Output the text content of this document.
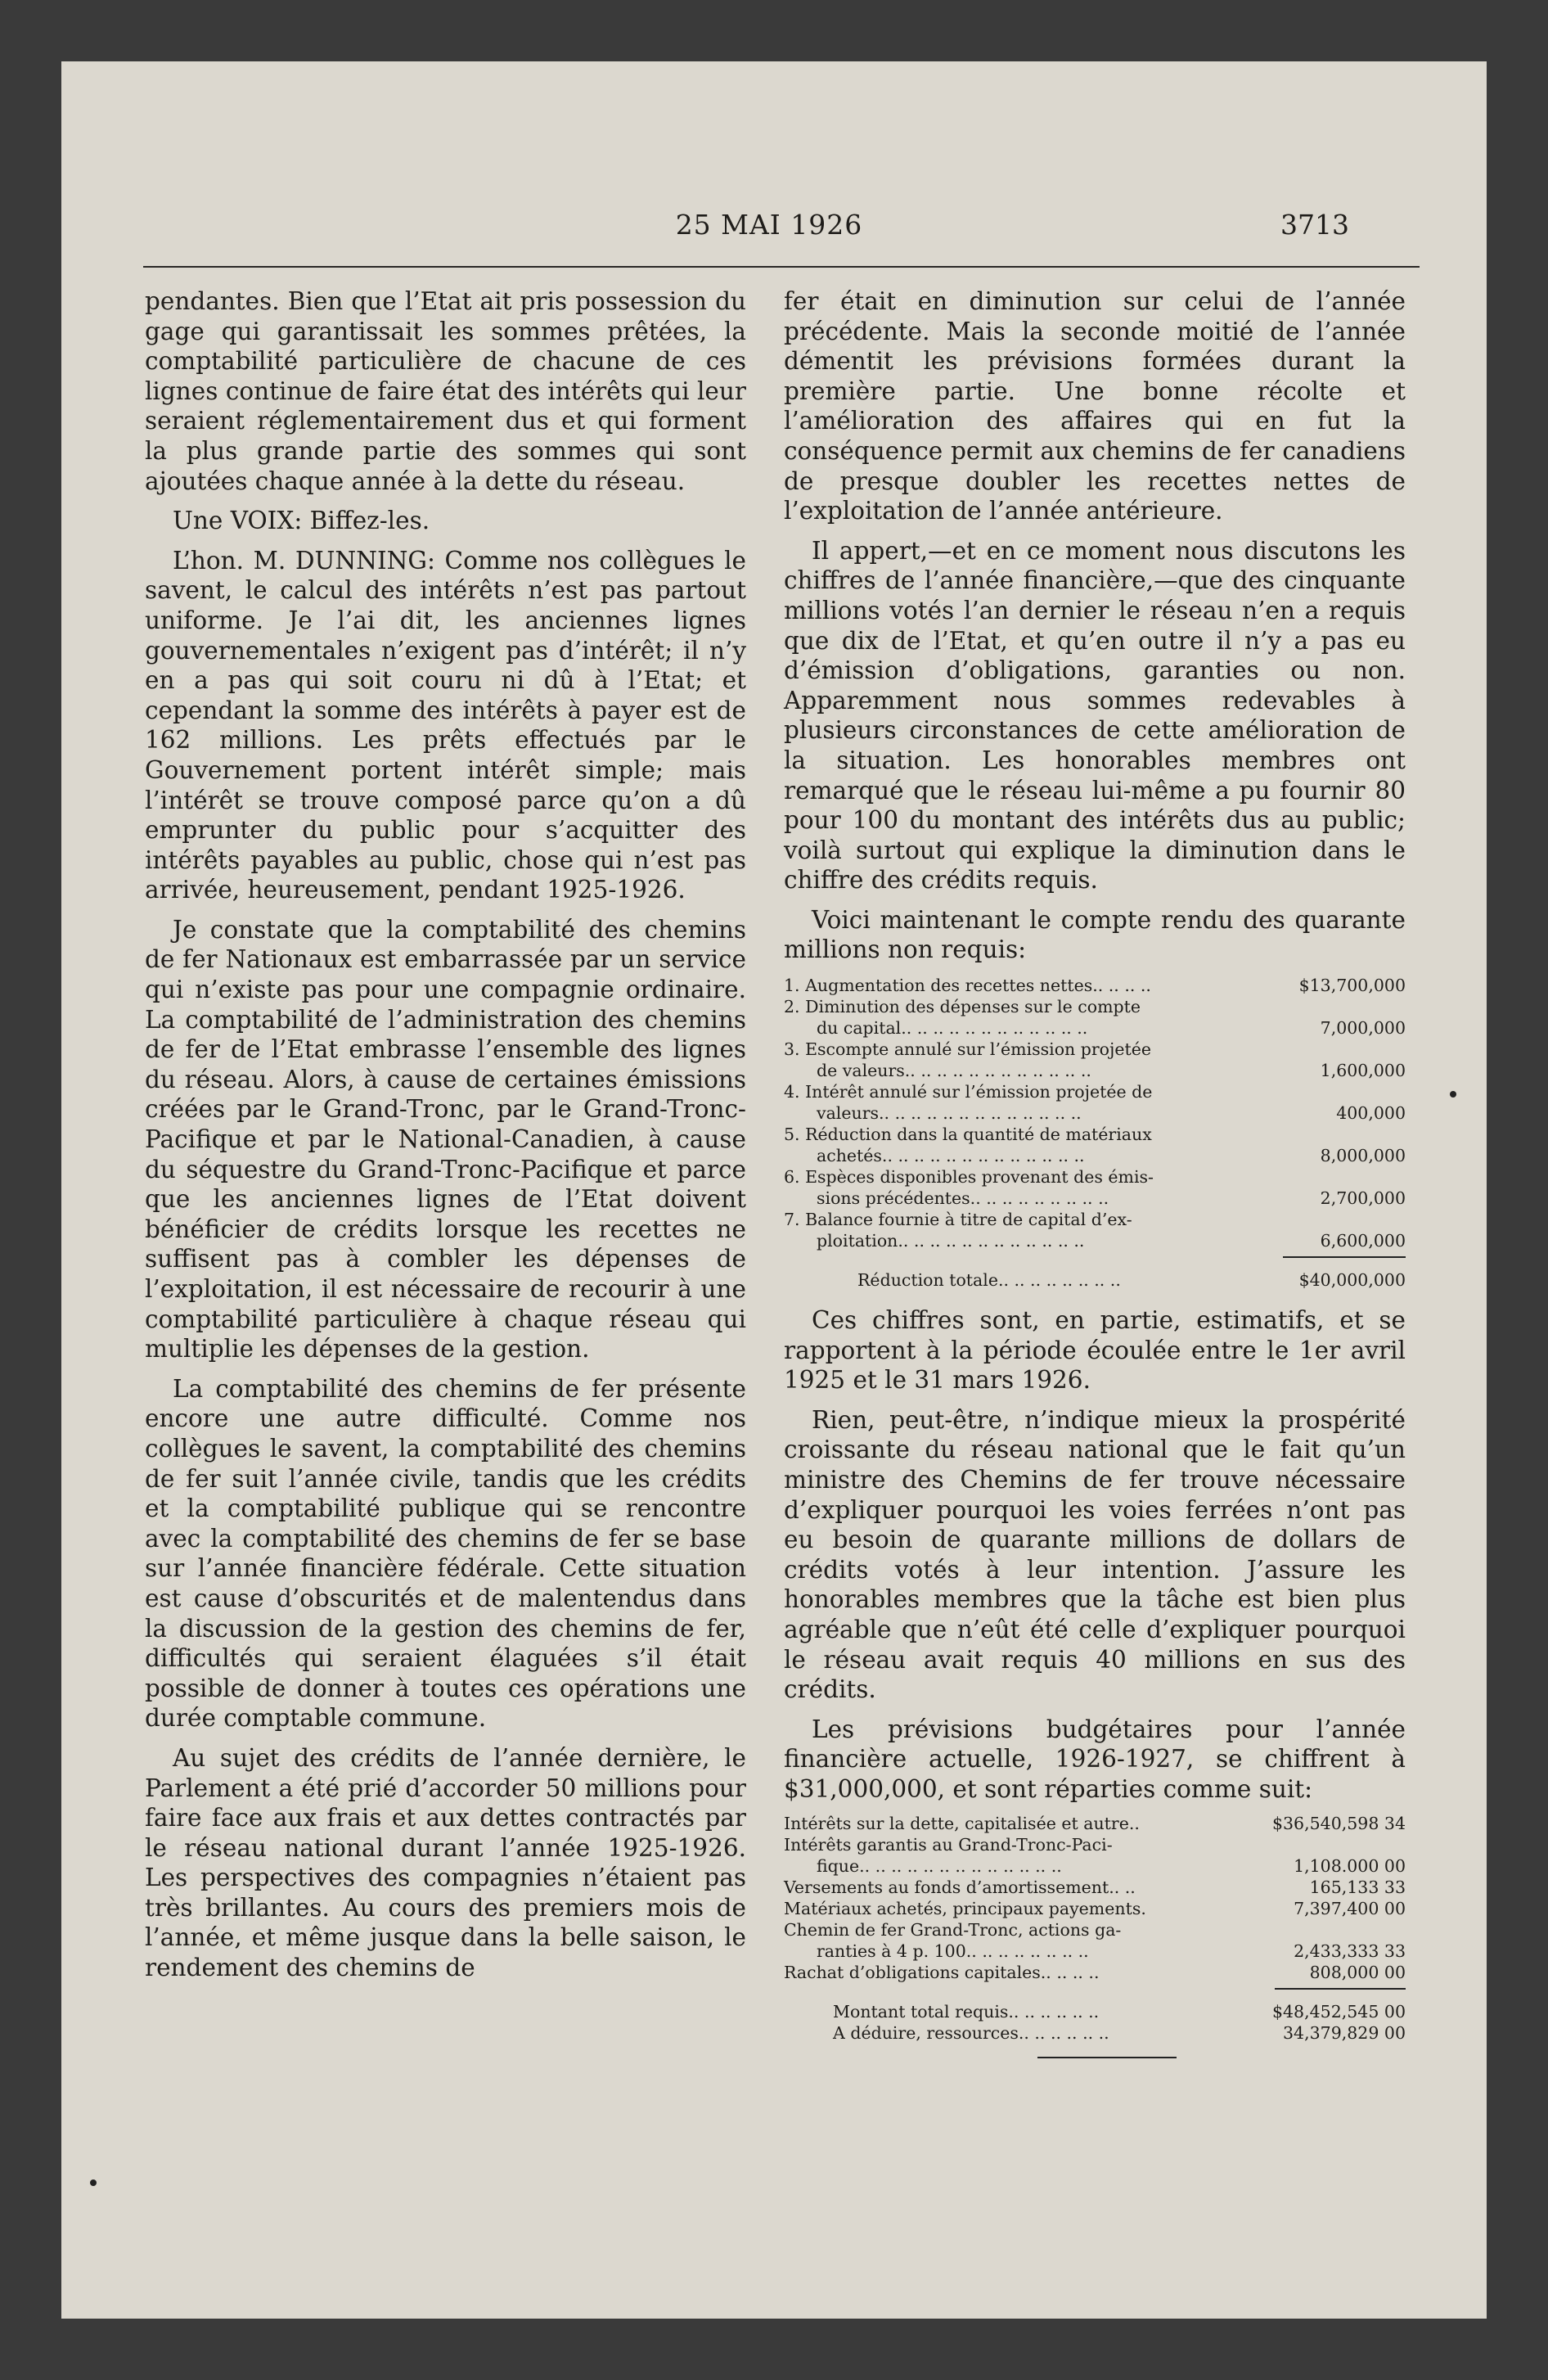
25 MAI 1926	3713

pendantes. Bien que l’Etat ait pris possession du gage qui garantissait les sommes prêtées, la comptabilité particulière de chacune de ces lignes continue de faire état des intérêts qui leur seraient réglementairement dus et qui forment la plus grande partie des sommes qui sont ajoutées chaque année à la dette du réseau.

Une VOIX: Biffez-les.

L’hon. M. DUNNING: Comme nos collègues le savent, le calcul des intérêts n’est pas partout uniforme. Je l’ai dit, les anciennes lignes gouvernementales n’exigent pas d’intérêt; il n’y en a pas qui soit couru ni dû à l’Etat; et cependant la somme des intérêts à payer est de 162 millions. Les prêts effectués par le Gouvernement portent intérêt simple; mais l’intérêt se trouve composé parce qu’on a dû emprunter du public pour s’acquitter des intérêts payables au public, chose qui n’est pas arrivée, heureusement, pendant 1925-1926.

Je constate que la comptabilité des chemins de fer Nationaux est embarrassée par un service qui n’existe pas pour une compagnie ordinaire. La comptabilité de l’administration des chemins de fer de l’Etat embrasse l’ensemble des lignes du réseau. Alors, à cause de certaines émissions créées par le Grand-Tronc, par le Grand-Tronc-Pacifique et par le National-Canadien, à cause du séquestre du Grand-Tronc-Pacifique et parce que les anciennes lignes de l’Etat doivent bénéficier de crédits lorsque les recettes ne suffisent pas à combler les dépenses de l’exploitation, il est nécessaire de recourir à une comptabilité particulière à chaque réseau qui multiplie les dépenses de la gestion.

La comptabilité des chemins de fer présente encore une autre difficulté. Comme nos collègues le savent, la comptabilité des chemins de fer suit l’année civile, tandis que les crédits et la comptabilité publique qui se rencontre avec la comptabilité des chemins de fer se base sur l’année financière fédérale. Cette situation est cause d’obscurités et de malentendus dans la discussion de la gestion des chemins de fer, difficultés qui seraient élaguées s’il était possible de donner à toutes ces opérations une durée comptable commune.

Au sujet des crédits de l’année dernière, le Parlement a été prié d’accorder 50 millions pour faire face aux frais et aux dettes contractés par le réseau national durant l’année 1925-1926. Les perspectives des compagnies n’étaient pas très brillantes. Au cours des premiers mois de l’année, et même jusque dans la belle saison, le rendement des chemins de

fer était en diminution sur celui de l’année précédente. Mais la seconde moitié de l’année démentit les prévisions formées durant la première partie. Une bonne récolte et l’amélioration des affaires qui en fut la conséquence permit aux chemins de fer canadiens de presque doubler les recettes nettes de l’exploitation de l’année antérieure.

Il appert,—et en ce moment nous discutons les chiffres de l’année financière,—que des cinquante millions votés l’an dernier le réseau n’en a requis que dix de l’Etat, et qu’en outre il n’y a pas eu d’émission d’obligations, garanties ou non. Apparemment nous sommes redevables à plusieurs circonstances de cette amélioration de la situation. Les honorables membres ont remarqué que le réseau lui-même a pu fournir 80 pour 100 du montant des intérêts dus au public; voilà surtout qui explique la diminution dans le chiffre des crédits requis.

Voici maintenant le compte rendu des quarante millions non requis:

1. Augmentation des recettes nettes.. .. .. ..	$13,700,000
2. Diminution des dépenses sur le compte
du capital.. .. .. .. .. .. .. .. .. .. .. ..	7,000,000
3. Escompte annulé sur l’émission projetée
de valeurs.. .. .. .. .. .. .. .. .. .. .. ..	1,600,000
4. Intérêt annulé sur l’émission projetée de
valeurs.. .. .. .. .. .. .. .. .. .. .. .. ..	400,000
5. Réduction dans la quantité de matériaux
achetés.. .. .. .. .. .. .. .. .. .. .. .. ..	8,000,000
6. Espèces disponibles provenant des émis-
sions précédentes.. .. .. .. .. .. .. .. ..	2,700,000
7. Balance fournie à titre de capital d’ex-
ploitation.. .. .. .. .. .. .. .. .. .. .. ..	6,600,000
Réduction totale.. .. .. .. .. .. .. ..	$40,000,000

Ces chiffres sont, en partie, estimatifs, et se rapportent à la période écoulée entre le 1er avril 1925 et le 31 mars 1926.

Rien, peut-être, n’indique mieux la prospérité croissante du réseau national que le fait qu’un ministre des Chemins de fer trouve nécessaire d’expliquer pourquoi les voies ferrées n’ont pas eu besoin de quarante millions de dollars de crédits votés à leur intention. J’assure les honorables membres que la tâche est bien plus agréable que n’eût été celle d’expliquer pourquoi le réseau avait requis 40 millions en sus des crédits.

Les prévisions budgétaires pour l’année financière actuelle, 1926-1927, se chiffrent à $31,000,000, et sont réparties comme suit:

Intérêts sur la dette, capitalisée et autre..	$36,540,598 34
Intérêts garantis au Grand-Tronc-Paci-
fique.. .. .. .. .. .. .. .. .. .. .. .. ..	1,108.000 00
Versements au fonds d’amortissement.. ..	165,133 33
Matériaux achetés, principaux payements.	7,397,400 00
Chemin de fer Grand-Tronc, actions ga-
ranties à 4 p. 100.. .. .. .. .. .. .. ..	2,433,333 33
Rachat d’obligations capitales.. .. .. ..	808,000 00
Montant total requis.. .. .. .. .. ..	$48,452,545 00
A déduire, ressources.. .. .. .. .. ..	34,379,829 00
